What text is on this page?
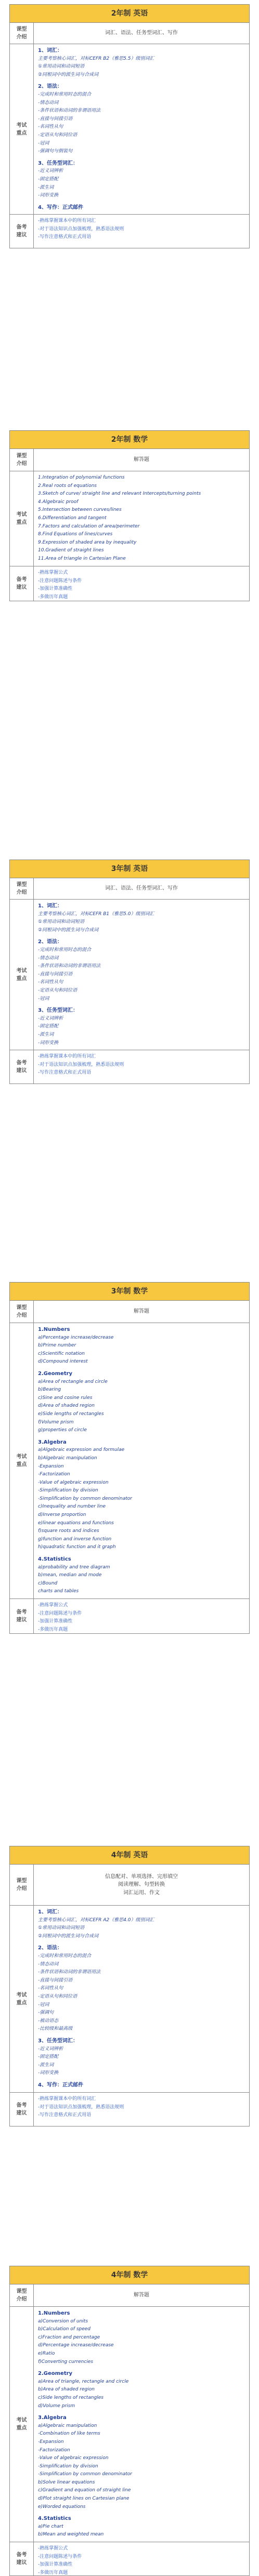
2年制 英语
课型
介绍
词汇、语法、任务型词汇、写作
考试
重点
1、词汇：
主要考察核心词汇，对标CEFR B2（雅思5.5）级别词汇
①常用动词和动词短语
②同根词中的派生词与合成词
2、语法：
-完成时和常用时态的混合
-情态动词
-条件状语和动词的非谓语用法
-直接与间接引语
-名词性从句
-定语从句和同位语
-冠词
-强调句与倒装句
3、任务型词汇：
-近义词辨析
-固定搭配
-派生词
-词形变换
4、写作：正式邮件
备考
建议
-熟练掌握课本中的所有词汇
-对于语法知识点加强梳理，熟悉语法规则
-写作注意格式和正式用语
2年制 数学
课型
介绍
解答题
考试
重点
1.Integration of polynomial functions
2.Real roots of equations
3.Sketch of curve/ straight line and relevant Intercepts/turning points
4.Algebraic proof
5.Intersection between curves/lines
6.Differentiation and tangent
7.Factors and calculation of area/perimeter
8.Find Equations of lines/curves
9.Expression of shaded area by inequality
10.Gradient of straight lines
11.Area of triangle in Cartesian Plane
备考
建议
-熟练掌握公式
-注意问题陈述与条件
-加强计算准确性
-多做历年真题
3年制 英语
课型
介绍
词汇、语法、任务型词汇、写作
考试
重点
1、词汇：
主要考察核心词汇，对标CEFR B1（雅思5.0）级别词汇
①常用动词和动词短语
②同根词中的派生词与合成词
2、语法：
-完成时和常用时态的混合
-情态动词
-条件状语和动词的非谓语用法
-直接与间接引语
-名词性从句
-定语从句和同位语
-冠词
3、任务型词汇：
-近义词辨析
-固定搭配
-派生词
-词形变换
备考
建议
-熟练掌握课本中的所有词汇
-对于语法知识点加强梳理，熟悉语法规则
-写作注意格式和正式用语
3年制 数学
课型
介绍
解答题
考试
重点
1.Numbers
a)Percentage increase/decrease
b)Prime number
c)Scientific notation
d)Compound interest
2.Geometry
a)Area of rectangle and circle
b)Bearing
c)Sine and cosine rules
d)Area of shaded region
e)Side lengths of rectangles
f)Volume prism
g)properties of circle
3.Algebra
a)Algebraic expression and formulae
b)Algebraic manipulation
-Expansion
-Factorization
-Value of algebraic expression
-Simplification by division
-Simplification by common denominator
c)Inequality and number line
d)Inverse proportion
e)linear equations and functions
f)square roots and indices
g)function and inverse function
h)quadratic function and it graph
4.Statistics
a)probability and tree diagram
b)mean, median and mode
c)Bound
charts and tables
备考
建议
-熟练掌握公式
-注意问题陈述与条件
-加强计算准确性
-多做历年真题
4年制 英语
课型
介绍
信息配对、单项选择、完形填空
阅读理解、句型转换
词汇运用、作文
考试
重点
1、词汇：
主要考察核心词汇，对标CEFR A2（雅思4.0）级别词汇
①常用动词和动词短语
②同根词中的派生词与合成词
2、语法：
-完成时和常用时态的混合
-情态动词
-条件状语和动词的非谓语用法
-直接与间接引语
-名词性从句
-定语从句和同位语
-冠词
-强调句
-被动语态
-比较级和最高级
3、任务型词汇：
-近义词辨析
-固定搭配
-派生词
-词形变换
4、写作：正式邮件
备考
建议
-熟练掌握课本中的所有词汇
-对于语法知识点加强梳理，熟悉语法规则
-写作注意格式和正式用语
4年制 数学
课型
介绍
解答题
考试
重点
1.Numbers
a)Conversion of units
b)Calculation of speed
c)Fraction and percentage
d)Percentage increase/decrease
e)Ratio
f)Converting currencies
2.Geometry
a)Area of triangle, rectangle and circle
b)Area of shaded region
c)Side lengths of rectangles
d)Volume prism
3.Algebra
a)Algebraic manipulation
-Combination of like terms
-Expansion
-Factorization
-Value of algebraic expression
-Simplification by division
-Simplification by common denominator
b)Solve linear equations
c)Gradient and equation of straight line
d)Plot straight lines on Cartesian plane
e)Worded equations
4.Statistics
a)Pie chart
b)Mean and weighted mean
备考
建议
-熟练掌握公式
-注意问题陈述与条件
-加强计算准确性
-多做历年真题
